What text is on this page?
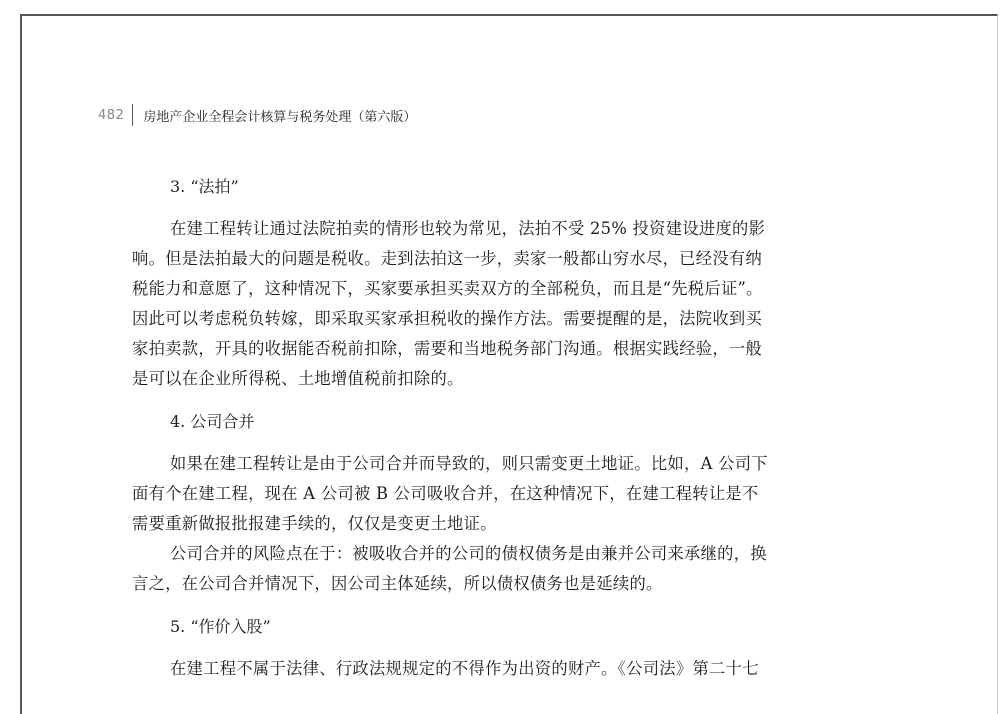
482 房地产企业全程会计核算与税务处理（第六版）
3. “法拍”

在建工程转让通过法院拍卖的情形也较为常见，法拍不受 25% 投资建设进度的影
响。但是法拍最大的问题是税收。走到法拍这一步，卖家一般都山穷水尽，已经没有纳
税能力和意愿了，这种情况下，买家要承担买卖双方的全部税负，而且是“先税后证”。
因此可以考虑税负转嫁，即采取买家承担税收的操作方法。需要提醒的是，法院收到买
家拍卖款，开具的收据能否税前扣除，需要和当地税务部门沟通。根据实践经验，一般
是可以在企业所得税、土地增值税前扣除的。

4. 公司合并

如果在建工程转让是由于公司合并而导致的，则只需变更土地证。比如，A 公司下
面有个在建工程，现在 A 公司被 B 公司吸收合并，在这种情况下，在建工程转让是不
需要重新做报批报建手续的，仅仅是变更土地证。

公司合并的风险点在于：被吸收合并的公司的债权债务是由兼并公司来承继的，换
言之，在公司合并情况下，因公司主体延续，所以债权债务也是延续的。

5. “作价入股”

在建工程不属于法律、行政法规规定的不得作为出资的财产。《公司法》第二十七
